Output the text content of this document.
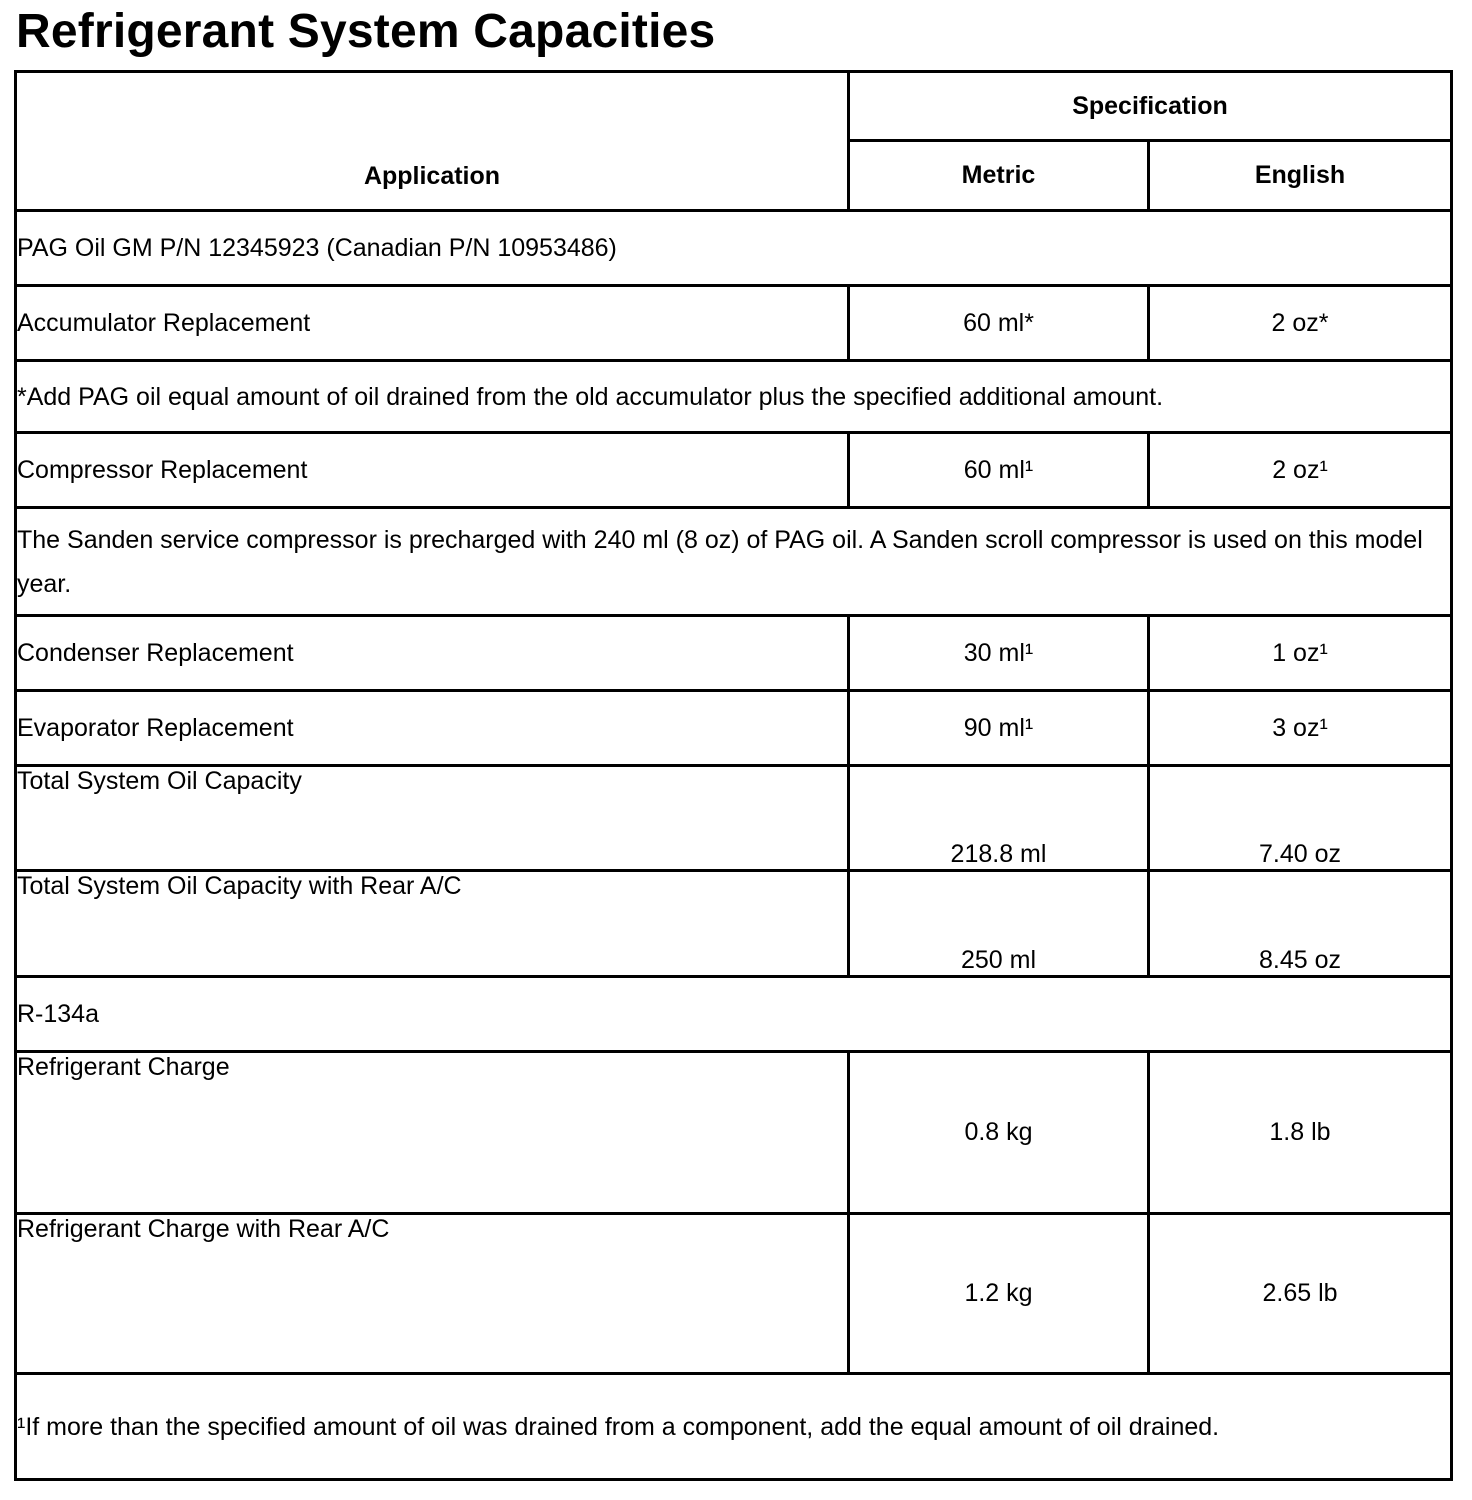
Refrigerant System Capacities
Application	Specification	
	Metric	English
PAG Oil GM P/N 12345923 (Canadian P/N 10953486)		
Accumulator Replacement	60 ml*	2 oz*
*Add PAG oil equal amount of oil drained from the old accumulator plus the specified additional amount.		
Compressor Replacement	60 ml¹	2 oz¹
The Sanden service compressor is precharged with 240 ml (8 oz) of PAG oil. A Sanden scroll compressor is used on this model year.		
Condenser Replacement	30 ml¹	1 oz¹
Evaporator Replacement	90 ml¹	3 oz¹
Total System Oil Capacity	218.8 ml	7.40 oz
Total System Oil Capacity with Rear A/C	250 ml	8.45 oz
R-134a		
Refrigerant Charge	0.8 kg	1.8 lb
Refrigerant Charge with Rear A/C	1.2 kg	2.65 lb
¹If more than the specified amount of oil was drained from a component, add the equal amount of oil drained.		
